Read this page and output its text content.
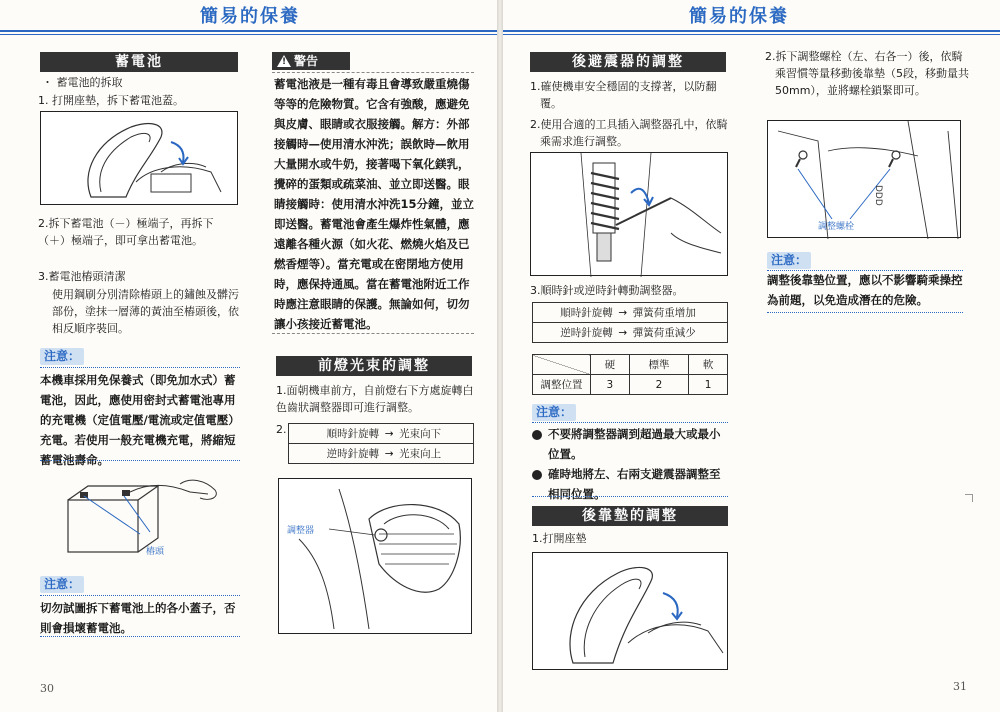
簡易的保養
蓄電池
・ 蓄電池的拆取
1. 打開座墊，拆下蓄電池蓋。
2.拆下蓄電池（－）極端子，再拆下（＋）極端子，即可拿出蓄電池。
3.蓄電池樁頭清潔
使用鋼刷分別清除樁頭上的鏽蝕及髒污部份，塗抹一層薄的黃油至樁頭後，依相反順序裝回。
注意：
本機車採用免保養式（即免加水式）蓄電池，因此，應使用密封式蓄電池專用的充電機（定值電壓/電流或定值電壓）充電。若使用一般充電機充電，將縮短蓄電池壽命。
樁頭
注意：
切勿試圖拆下蓄電池上的各小蓋子，否則會損壞蓄電池。
警告
!
蓄電池液是一種有毒且會導致嚴重燒傷等等的危險物質。它含有強酸，應避免與皮膚、眼睛或衣服接觸。解方：外部接觸時—使用清水沖洗；誤飲時—飲用大量開水或牛奶，接著喝下氧化鎂乳，攪碎的蛋類或疏菜油、並立即送醫。眼睛接觸時：使用清水沖洗15分鐘，並立即送醫。蓄電池會產生爆炸性氣體，應遠離各種火源（如火花、燃燒火焰及已燃香煙等）。當充電或在密閉地方使用時，應保持通風。當在蓄電池附近工作時應注意眼睛的保護。無論如何，切勿讓小孩接近蓄電池。
前燈光束的調整
1.面朝機車前方，自前燈右下方處旋轉白色齒狀調整器即可進行調整。
2.	順時針旋轉	→	光束向下
逆時針旋轉	→	光束向上
調整器
30
簡易的保養
後避震器的調整
1.確使機車安全穩固的支撐著，以防翻覆。
2.使用合適的工具插入調整器孔中，依騎乘需求進行調整。
3.順時針或逆時針轉動調整器。
順時針旋轉	→	彈簧荷重增加
逆時針旋轉	→	彈簧荷重減少
	硬	標準	軟
調整位置	3	2	1
注意：
不要將調整器調到超過最大或最小位置。
確時地將左、右兩支避震器調整至相同位置。
後靠墊的調整
1.打開座墊
2.拆下調整螺栓（左、右各一）後，依騎乘習慣等量移動後靠墊（5段，移動量共50mm），並將螺栓鎖緊即可。
DDD
調整螺栓
注意：
調整後靠墊位置，應以不影響騎乘操控為前題，以免造成潛在的危險。
31
